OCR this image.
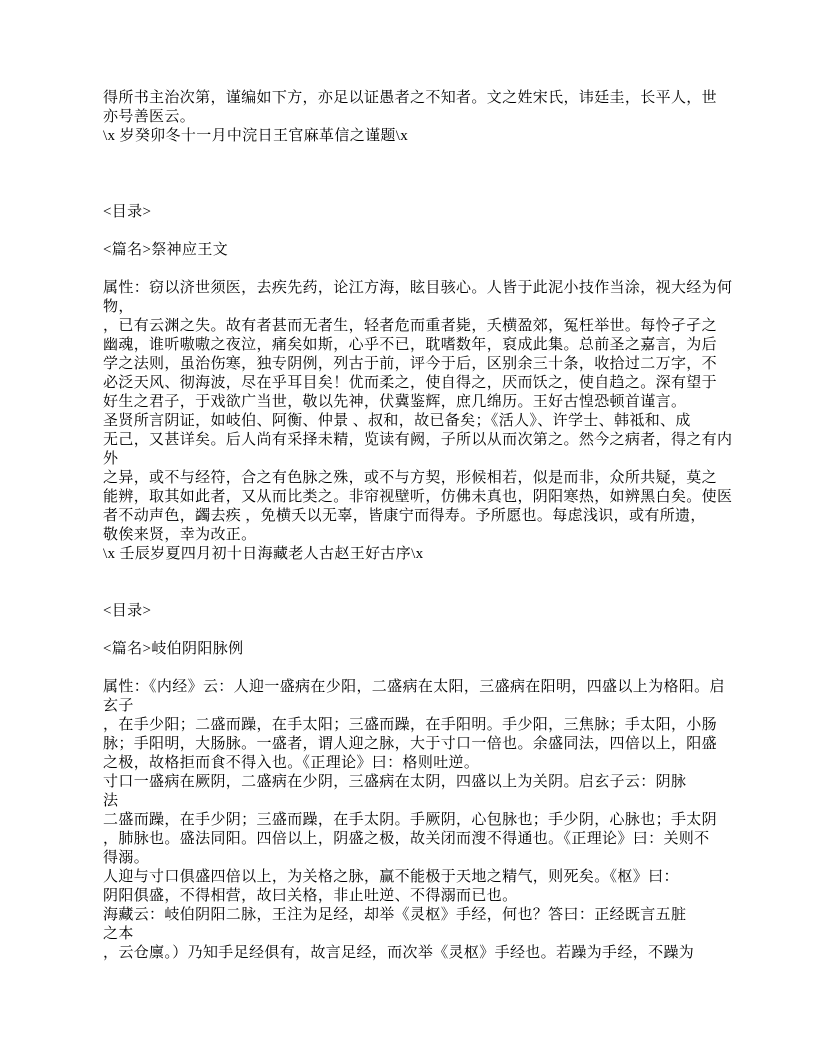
得所书主治次第，谨编如下方，亦足以证愚者之不知者。文之姓宋氏，讳廷圭，长平人，世
亦号善医云。
\x 岁癸卯冬十一月中浣日王官麻革信之谨题\x

<目录>

<篇名>祭神应王文

属性：窃以济世须医，去疾先药，论江方海，眩目骇心。人皆于此泥小技作当涂，视大经为何
物，
，已有云渊之失。故有者甚而无者生，轻者危而重者毙，夭横盈郊，冤枉举世。每怜孑孑之
幽魂，谁听嗷嗷之夜泣，痛矣如斯，心乎不已，耽嗜数年，裒成此集。总前圣之嘉言，为后
学之法则，虽治伤寒，独专阴例，列古于前，评今于后，区别余三十条，收拾过二万字，不
必泛天风、彻海波，尽在乎耳目矣！优而柔之，使自得之，厌而饫之，使自趋之。深有望于
好生之君子，于戏欲广当世，敬以先神，伏冀鉴辉，庶几绵历。王好古惶恐顿首谨言。
圣贤所言阴证，如岐伯、阿衡、仲景 、叔和，故已备矣；《活人》、许学士、韩祗和、成
无己，又甚详矣。后人尚有采择未精，览读有阙，子所以从而次第之。然今之病者，得之有内
外
之异，或不与经符，合之有色脉之殊，或不与方契，形候相若，似是而非，众所共疑，莫之
能辨，取其如此者，又从而比类之。非帘视壁听，仿佛未真也，阴阳寒热，如辨黑白矣。使医
者不动声色，蠲去疾 ，免横夭以无辜，皆康宁而得寿。予所愿也。每虑浅识，或有所遗，
敬俟来贤，幸为改正。
\x 壬辰岁夏四月初十日海藏老人古赵王好古序\x

<目录>

<篇名>岐伯阴阳脉例

属性：《内经》云：人迎一盛病在少阳，二盛病在太阳，三盛病在阳明，四盛以上为格阳。启
玄子
，在手少阳；二盛而躁，在手太阳；三盛而躁，在手阳明。手少阳，三焦脉；手太阳，小肠
脉；手阳明，大肠脉。一盛者，谓人迎之脉，大于寸口一倍也。余盛同法，四倍以上，阳盛
之极，故格拒而食不得入也。《正理论》曰：格则吐逆。
寸口一盛病在厥阴，二盛病在少阴，三盛病在太阴，四盛以上为关阴。启玄子云：阴脉
法
二盛而躁，在手少阴；三盛而躁，在手太阴。手厥阴，心包脉也；手少阴，心脉也；手太阴
，肺脉也。盛法同阳。四倍以上，阴盛之极，故关闭而溲不得通也。《正理论》曰：关则不
得溺。
人迎与寸口俱盛四倍以上，为关格之脉，赢不能极于天地之精气，则死矣。《枢》曰：
阴阳俱盛，不得相营，故曰关格，非止吐逆、不得溺而已也。
海藏云：岐伯阴阳二脉，王注为足经，却举《灵枢》手经，何也？答曰：正经既言五脏
之本
，云仓廪。）乃知手足经俱有，故言足经，而次举《灵枢》手经也。若躁为手经，不躁为
